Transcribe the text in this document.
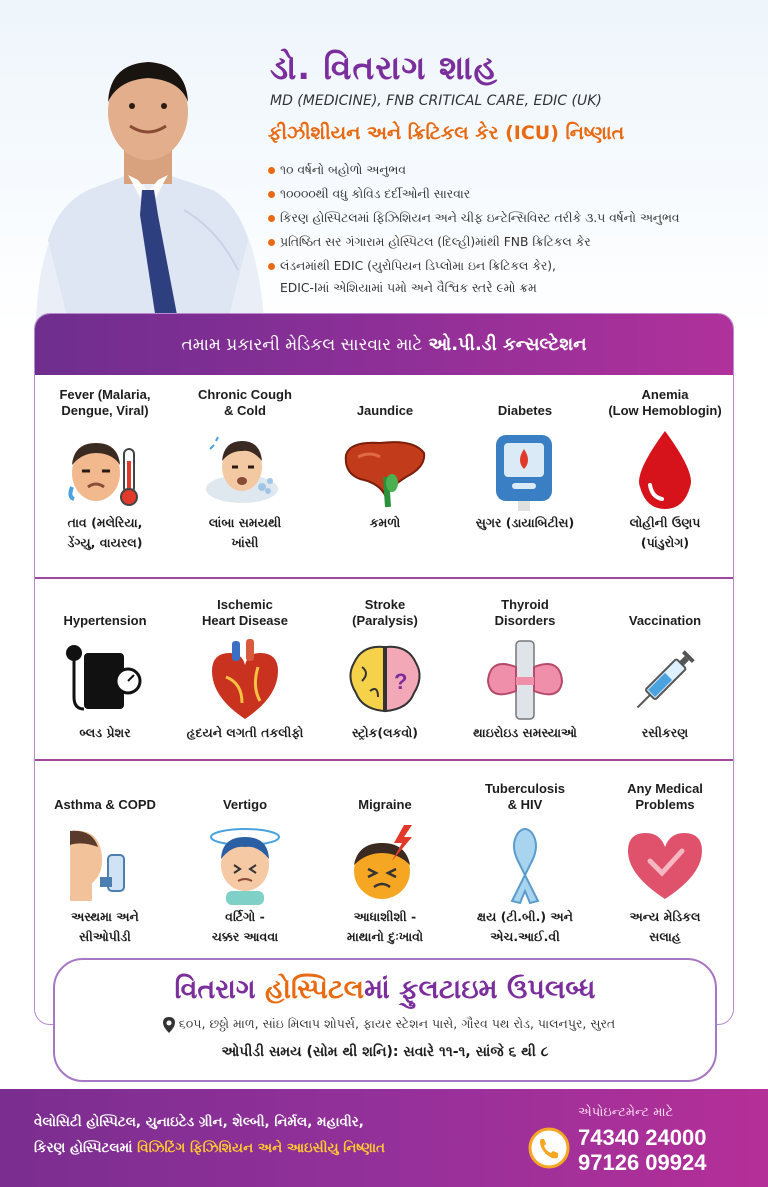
ડો. વિતરાગ શાહ
MD (MEDICINE), FNB CRITICAL CARE, EDIC (UK)
ફીઝીશીયન અને ક્રિટિકલ કેર (ICU) નિષ્ણાત
૧૦ વર્ષનો બહોળો અનુભવ
૧૦૦૦૦થી વધુ કોવિડ દર્દીઓની સારવાર
કિરણ હોસ્પિટલમાં ફિઝિશિયન અને ચીફ ઇન્ટેન્સિવિસ્ટ તરીકે ૩.૫ વર્ષનો અનુભવ
પ્રતિષ્ઠિત સર ગંગારામ હોસ્પિટલ (દિલ્હી)માંથી FNB ક્રિટિકલ કેર
લંડનમાંથી EDIC (યુરોપિયન ડિપ્લોમા ઇન ક્રિટિકલ કેર),
EDIC-Iમાં એશિયામાં ૫મો અને વૈશ્વિક સ્તરે ૯મો ક્રમ
તમામ પ્રકારની મેડિકલ સારવાર માટે ઓ.પી.ડી કન્સલ્ટેશન
Fever (Malaria,
Dengue, Viral)
તાવ (મલેરિયા,
ડેંગ્યુ, વાયરલ)
Chronic Cough
& Cold
લાંબા સમયથી
ખાંસી
Jaundice
કમળો
Diabetes
સુગર (ડાયાબિટીસ)
Anemia
(Low Hemoblogin)
લોહીની ઉણપ
(પાંડુરોગ)
Hypertension
બ્લડ પ્રેશર
Ischemic
Heart Disease
હૃદયને લગતી તકલીફો
Stroke
(Paralysis)
?
સ્ટ્રોક(લકવો)
Thyroid
Disorders
થાઇરોઇડ સમસ્યાઓ
Vaccination
રસીકરણ
Asthma & COPD
અસ્થમા અને
સીઓપીડી
Vertigo
વર્ટિગો -
ચક્કર આવવા
Migraine
આધાશીશી -
માથાનો દુઃખાવો
Tuberculosis
& HIV
ક્ષય (ટી.બી.) અને
એચ.આઈ.વી
Any Medical
Problems
અન્ય મેડિકલ
સલાહ
વિતરાગ હોસ્પિટલમાં ફુલટાઇમ ઉપલબ્ધ
૬૦૫, છઠ્ઠો માળ, સાંઇ મિલાપ શોપર્સ, ફાયર સ્ટેશન પાસે, ગૌરવ પથ રોડ, પાલનપુર, સુરત
ઓપીડી સમય (સોમ થી શનિ): સવારે ૧૧-૧, સાંજે ૬ થી ૮
વેલોસિટી હોસ્પિટલ, યુનાઇટેડ ગ્રીન, શેલ્બી, નિર્મલ, મહાવીર,
કિરણ હોસ્પિટલમાં વિઝિટિંગ ફિઝિશિયન અને આઇસીયુ નિષ્ણાત
એપોઇન્ટમેન્ટ માટે
74340 24000
97126 09924
